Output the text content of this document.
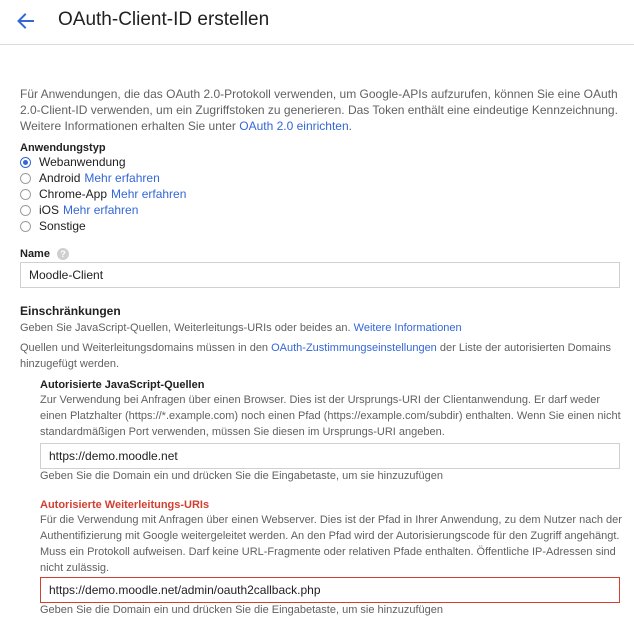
OAuth-Client-ID erstellen
Für Anwendungen, die das OAuth 2.0-Protokoll verwenden, um Google-APIs aufzurufen, können Sie eine OAuth 2.0-Client-ID verwenden, um ein Zugriffstoken zu generieren. Das Token enthält eine eindeutige Kennzeichnung. Weitere Informationen erhalten Sie unter OAuth 2.0 einrichten.
Anwendungstyp
Webanwendung
Android Mehr erfahren
Chrome-App Mehr erfahren
iOS Mehr erfahren
Sonstige
Name	?
Moodle-Client
Einschränkungen
Geben Sie JavaScript-Quellen, Weiterleitungs-URIs oder beides an. Weitere Informationen
Quellen und Weiterleitungsdomains müssen in den OAuth-Zustimmungseinstellungen der Liste der autorisierten Domains hinzugefügt werden.
Autorisierte JavaScript-Quellen
Zur Verwendung bei Anfragen über einen Browser. Dies ist der Ursprungs-URI der Clientanwendung. Er darf weder einen Platzhalter (https://*.example.com) noch einen Pfad (https://example.com/subdir) enthalten. Wenn Sie einen nicht standardmäßigen Port verwenden, müssen Sie diesen im Ursprungs-URI angeben.
https://demo.moodle.net
Geben Sie die Domain ein und drücken Sie die Eingabetaste, um sie hinzuzufügen
Autorisierte Weiterleitungs-URIs
Für die Verwendung mit Anfragen über einen Webserver. Dies ist der Pfad in Ihrer Anwendung, zu dem Nutzer nach der Authentifizierung mit Google weitergeleitet werden. An den Pfad wird der Autorisierungscode für den Zugriff angehängt. Muss ein Protokoll aufweisen. Darf keine URL-Fragmente oder relativen Pfade enthalten. Öffentliche IP-Adressen sind nicht zulässig.
https://demo.moodle.net/admin/oauth2callback.php
Geben Sie die Domain ein und drücken Sie die Eingabetaste, um sie hinzuzufügen
